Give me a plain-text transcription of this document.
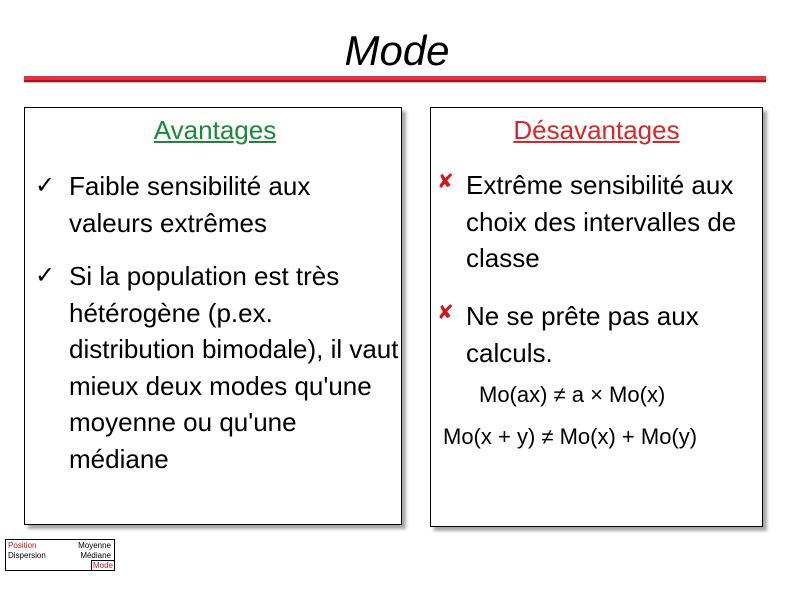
Mode
Avantages
✓ Faible sensibilité aux valeurs extrêmes
✓ Si la population est très hétérogène (p.ex. distribution bimodale), il vaut mieux deux modes qu'une moyenne ou qu'une médiane
Désavantages
✘ Extrême sensibilité aux choix des intervalles de classe
✘ Ne se prête pas aux calculs.
Mo(ax) ≠ a × Mo(x)
Mo(x + y) ≠ Mo(x) + Mo(y)
Position
Dispersion
Moyenne
Médiane
Mode
